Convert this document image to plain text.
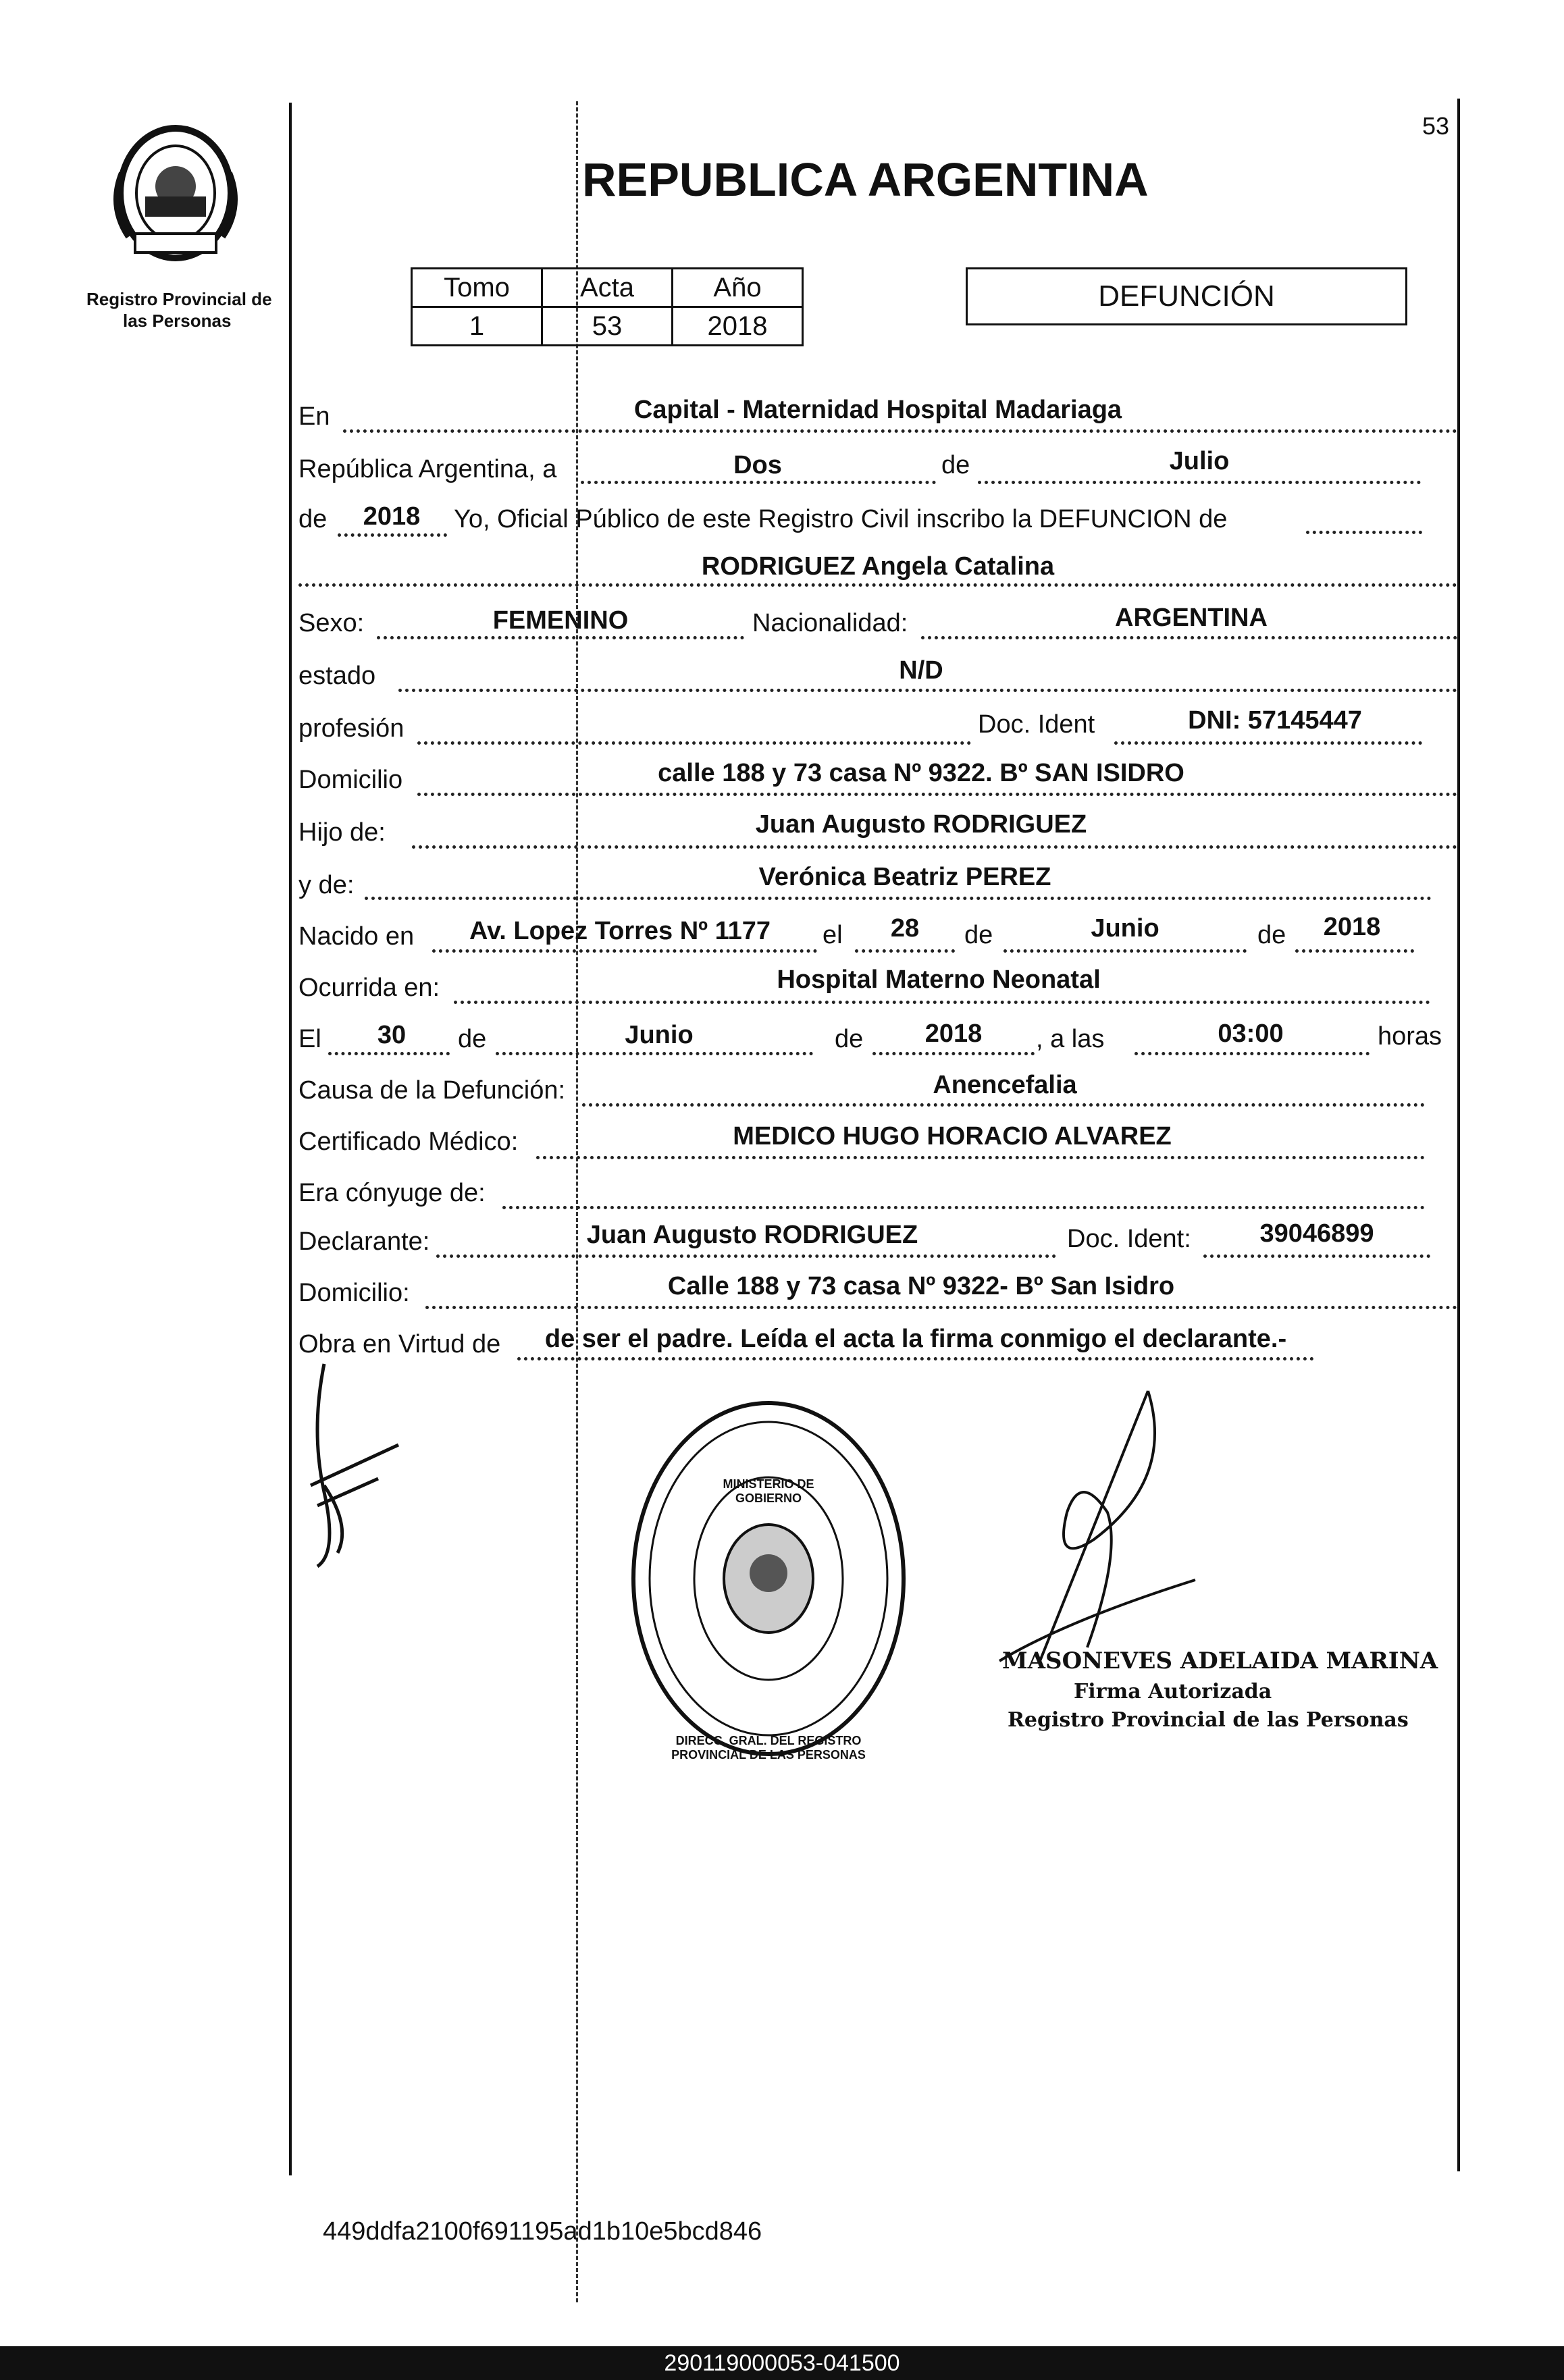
53
Registro Provincial de
las Personas
REPUBLICA ARGENTINA
Tomo	Acta	Año
1	53	2018
DEFUNCIÓN
En	Capital - Maternidad Hospital Madariaga
República Argentina, a	Dos	de	Julio
de 2018 Yo, Oficial Público de este Registro Civil inscribo la DEFUNCION de
RODRIGUEZ Angela Catalina
Sexo:	FEMENINO	Nacionalidad:	ARGENTINA
estado	N/D
profesión	Doc. Ident	DNI: 57145447
Domicilio	calle 188 y 73 casa Nº 9322. Bº SAN ISIDRO
Hijo de:	Juan Augusto RODRIGUEZ
y de:	Verónica Beatriz PEREZ
Nacido en Av. Lopez Torres Nº 1177 el 28 de	Junio	de 2018
Ocurrida en:	Hospital Materno Neonatal
El 30 de	Junio	de 2018 , a las	03:00	horas
Causa de la Defunción:	Anencefalia
Certificado Médico:	MEDICO HUGO HORACIO ALVAREZ
Era cónyuge de:
Declarante:	Juan Augusto RODRIGUEZ	Doc. Ident:	39046899
Domicilio:	Calle 188 y 73 casa Nº 9322- Bº San Isidro
Obra en Virtud de de ser el padre. Leída el acta la firma conmigo el declarante.-
DIRECC. GRAL. DEL REGISTRO PROVINCIAL DE LAS PERSONAS
MINISTERIO DE GOBIERNO
MASONEVES ADELAIDA MARINA
Firma Autorizada
Registro Provincial de las Personas
449ddfa2100f691195ad1b10e5bcd846
290119000053-041500
